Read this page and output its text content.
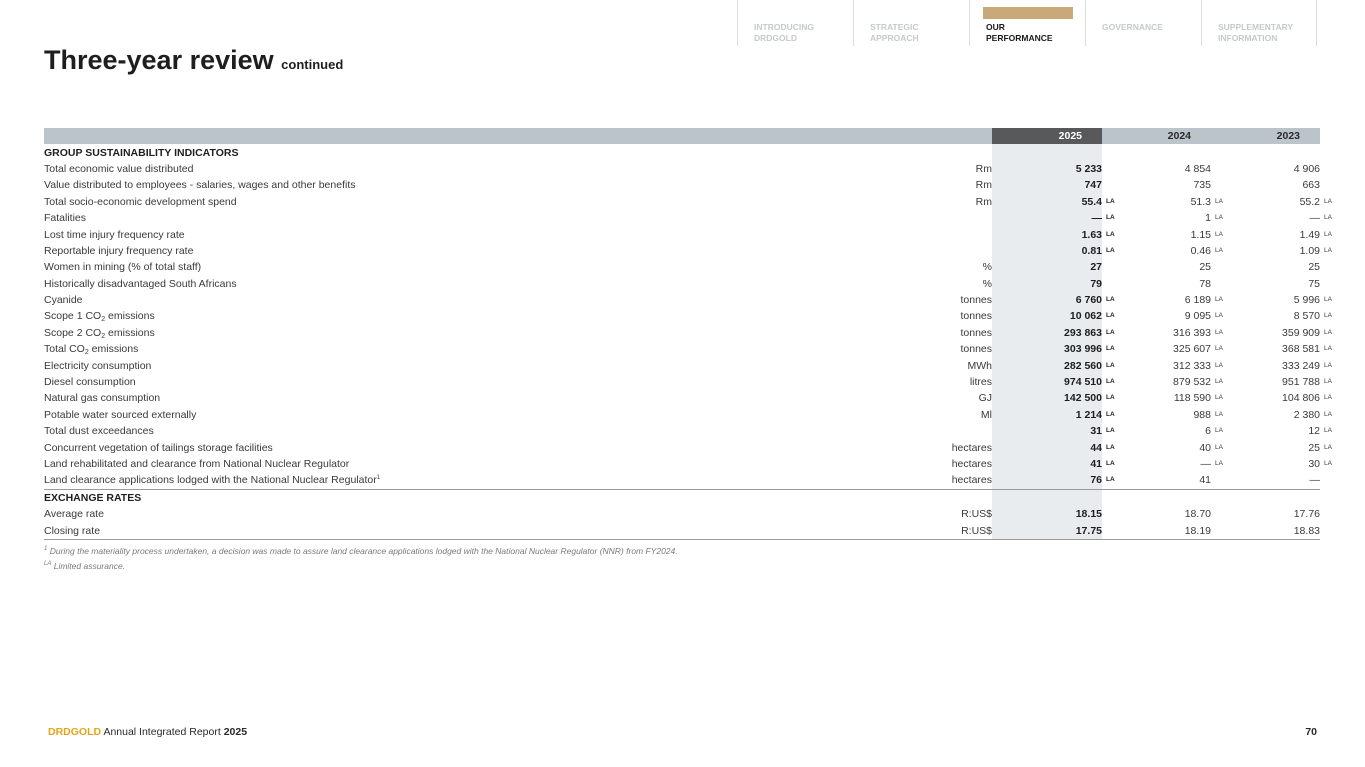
INTRODUCING
DRDGOLD
STRATEGIC
APPROACH
OUR
PERFORMANCE
GOVERNANCE	SUPPLEMENTARY
INFORMATION
Three-year review continued
		2025	2024	2023
GROUP SUSTAINABILITY INDICATORS				
Total economic value distributed	Rm	5 233	4 854	4 906
Value distributed to employees - salaries, wages and other benefits	Rm	747	735	663
Total socio-economic development spend	Rm	55.4 LA	51.3 LA	55.2 LA
Fatalities		— LA	1 LA	— LA
Lost time injury frequency rate		1.63 LA	1.15 LA	1.49 LA
Reportable injury frequency rate		0.81 LA	0.46 LA	1.09 LA
Women in mining (% of total staff)	%	27	25	25
Historically disadvantaged South Africans	%	79	78	75
Cyanide	tonnes	6 760 LA	6 189 LA	5 996 LA
Scope 1 $CO_2$ emissions	tonnes	10 062 LA	9 095 LA	8 570 LA
Scope 2 $CO_2$ emissions	tonnes	293 863 LA	316 393 LA	359 909 LA
Total $CO_2$ emissions	tonnes	303 996 LA	325 607 LA	368 581 LA
Electricity consumption	MWh	282 560 LA	312 333 LA	333 249 LA
Diesel consumption	litres	974 510 LA	879 532 LA	951 788 LA
Natural gas consumption	GJ	142 500 LA	118 590 LA	104 806 LA
Potable water sourced externally	Ml	1 214 LA	988 LA	2 380 LA
Total dust exceedances		31 LA	6 LA	12 LA
Concurrent vegetation of tailings storage facilities	hectares	44 LA	40 LA	25 LA
Land rehabilitated and clearance from National Nuclear Regulator	hectares	41 LA	— LA	30 LA
Land clearance applications lodged with the National Nuclear Regulator$^1$	hectares	76 LA	41	—
EXCHANGE RATES				
Average rate	R:US$	18.15	18.70	17.76
Closing rate	R:US$	17.75	18.19	18.83
$^1$ During the materiality process undertaken, a decision was made to assure land clearance applications lodged with the National Nuclear Regulator (NNR) from FY2024.
$^{LA}$ Limited assurance.
DRDGOLD Annual Integrated Report 2025	70
